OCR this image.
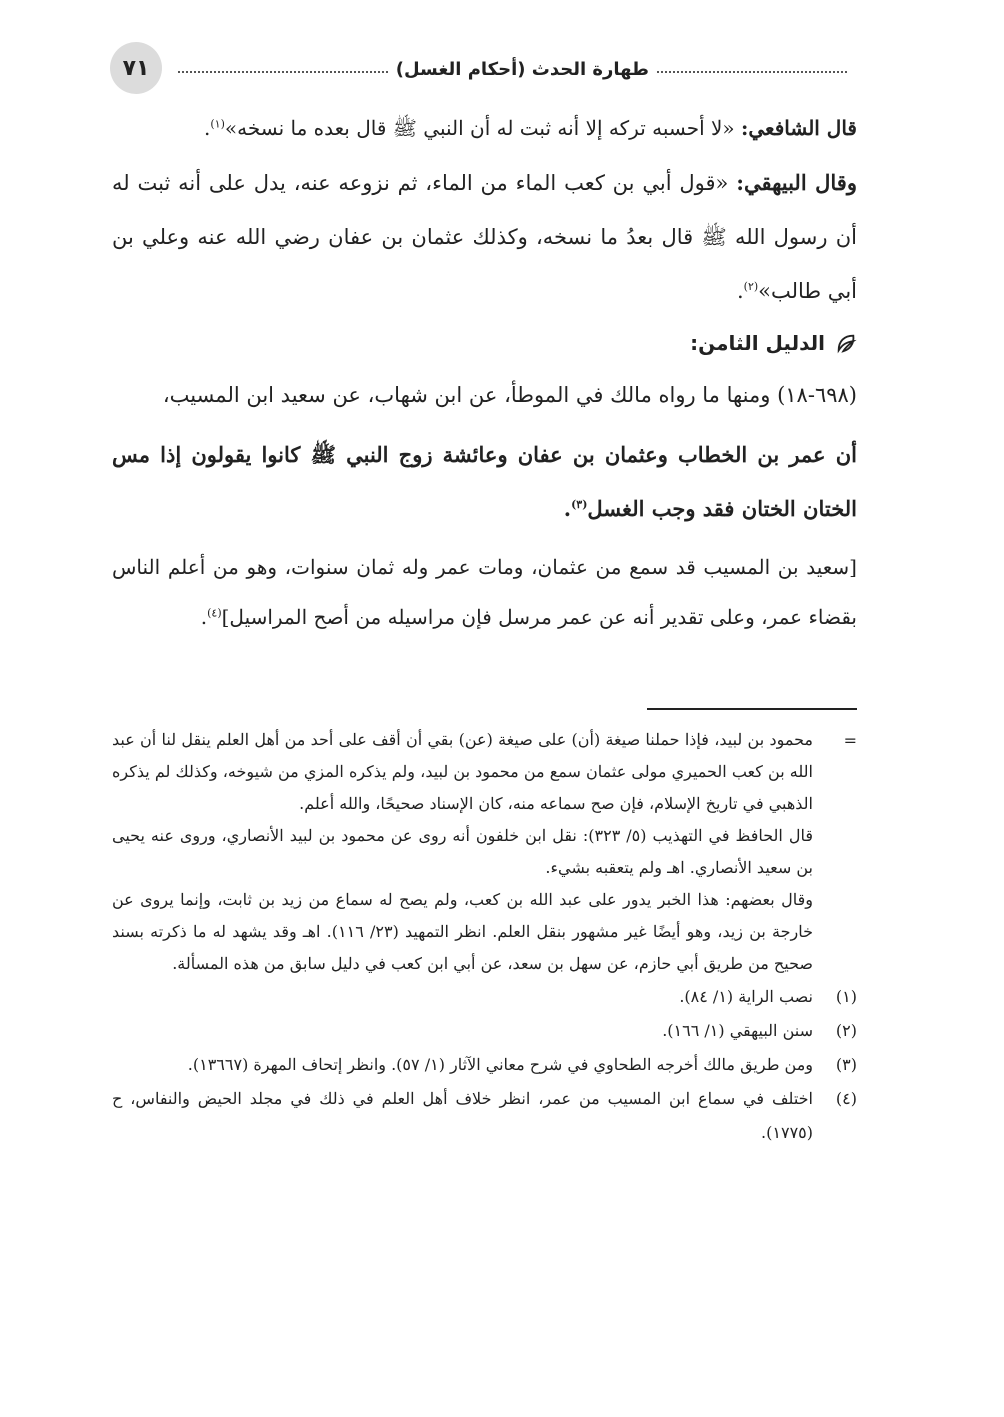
٧١	طهارة الحدث (أحكام الغسل)

قال الشافعي: «لا أحسبه تركه إلا أنه ثبت له أن النبي ﷺ قال بعده ما نسخه»$^{(١)}$.

وقال البيهقي: «قول أبي بن كعب الماء من الماء، ثم نزوعه عنه، يدل على أنه ثبت له أن رسول الله ﷺ قال بعدُ ما نسخه، وكذلك عثمان بن عفان رضي الله عنه وعلي بن أبي طالب»$^{(٢)}$.

الدليل الثامن:

(٦٩٨-١٨) ومنها ما رواه مالك في الموطأ، عن ابن شهاب، عن سعيد ابن المسيب،

أن عمر بن الخطاب وعثمان بن عفان وعائشة زوج النبي ﷺ كانوا يقولون إذا مس الختان الختان فقد وجب الغسل$^{(٣)}$.

[سعيد بن المسيب قد سمع من عثمان، ومات عمر وله ثمان سنوات، وهو من أعلم الناس بقضاء عمر، وعلى تقدير أنه عن عمر مرسل فإن مراسيله من أصح المراسيل]$^{(٤)}$.

=

محمود بن لبيد، فإذا حملنا صيغة (أن) على صيغة (عن) بقي أن أقف على أحد من أهل العلم ينقل لنا أن عبد الله بن كعب الحميري مولى عثمان سمع من محمود بن لبيد، ولم يذكره المزي من شيوخه، وكذلك لم يذكره الذهبي في تاريخ الإسلام، فإن صح سماعه منه، كان الإسناد صحيحًا، والله أعلم.

قال الحافظ في التهذيب (٥/ ٣٢٣): نقل ابن خلفون أنه روى عن محمود بن لبيد الأنصاري، وروى عنه يحيى بن سعيد الأنصاري. اهـ ولم يتعقبه بشيء.

وقال بعضهم: هذا الخبر يدور على عبد الله بن كعب، ولم يصح له سماع من زيد بن ثابت، وإنما يروى عن خارجة بن زيد، وهو أيضًا غير مشهور بنقل العلم. انظر التمهيد (٢٣/ ١١٦). اهـ وقد يشهد له ما ذكرته بسند صحيح من طريق أبي حازم، عن سهل بن سعد، عن أبي ابن كعب في دليل سابق من هذه المسألة.

(١)
نصب الراية (١/ ٨٤).
(٢)
سنن البيهقي (١/ ١٦٦).
(٣)
ومن طريق مالك أخرجه الطحاوي في شرح معاني الآثار (١/ ٥٧). وانظر إتحاف المهرة (١٣٦٦٧).
(٤)
اختلف في سماع ابن المسيب من عمر، انظر خلاف أهل العلم في ذلك في مجلد الحيض والنفاس، ح (١٧٧٥).
